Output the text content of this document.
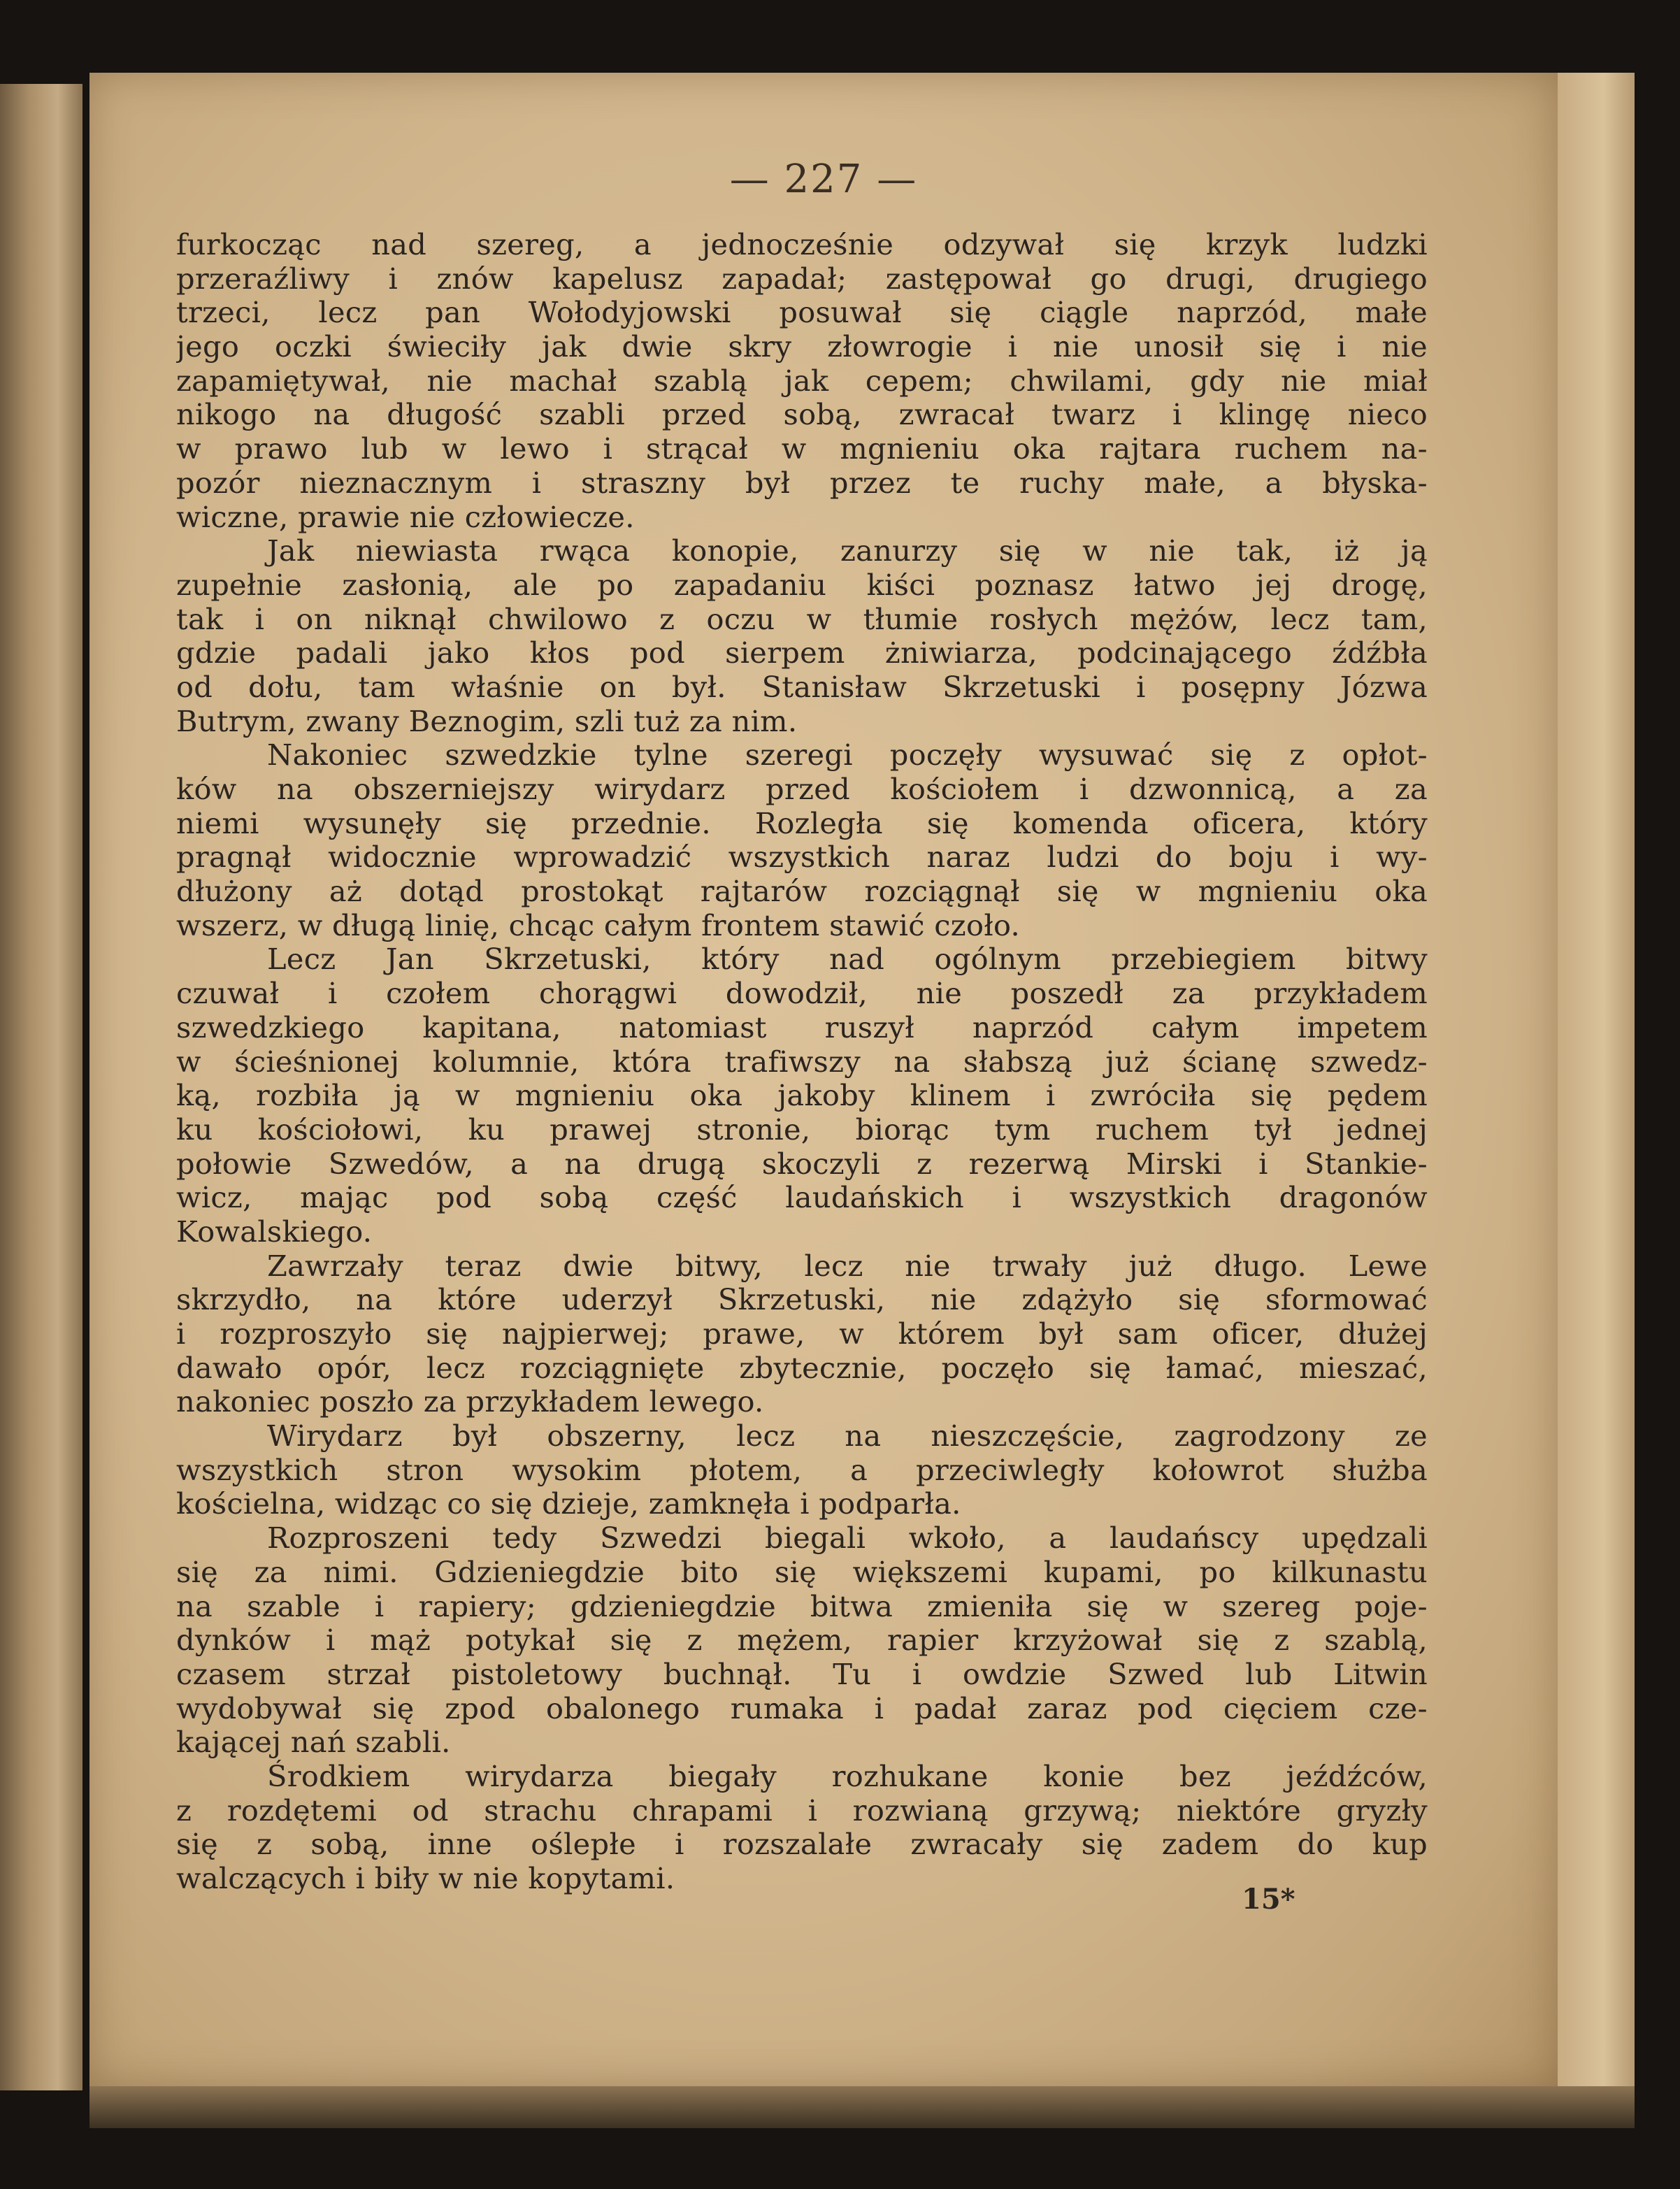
— 227 —
furkocząc nad szereg, a jednocześnie odzywał się krzyk ludzki
przeraźliwy i znów kapelusz zapadał; zastępował go drugi, drugiego
trzeci, lecz pan Wołodyjowski posuwał się ciągle naprzód, małe
jego oczki świeciły jak dwie skry złowrogie i nie unosił się i nie
zapamiętywał, nie machał szablą jak cepem; chwilami, gdy nie miał
nikogo na długość szabli przed sobą, zwracał twarz i klingę nieco
w prawo lub w lewo i strącał w mgnieniu oka rajtara ruchem na-
pozór nieznacznym i straszny był przez te ruchy małe, a błyska-
wiczne, prawie nie człowiecze.
Jak niewiasta rwąca konopie, zanurzy się w nie tak, iż ją
zupełnie zasłonią, ale po zapadaniu kiści poznasz łatwo jej drogę,
tak i on niknął chwilowo z oczu w tłumie rosłych mężów, lecz tam,
gdzie padali jako kłos pod sierpem żniwiarza, podcinającego źdźbła
od dołu, tam właśnie on był. Stanisław Skrzetuski i posępny Józwa
Butrym, zwany Beznogim, szli tuż za nim.
Nakoniec szwedzkie tylne szeregi poczęły wysuwać się z opłot-
ków na obszerniejszy wirydarz przed kościołem i dzwonnicą, a za
niemi wysunęły się przednie. Rozległa się komenda oficera, który
pragnął widocznie wprowadzić wszystkich naraz ludzi do boju i wy-
dłużony aż dotąd prostokąt rajtarów rozciągnął się w mgnieniu oka
wszerz, w długą linię, chcąc całym frontem stawić czoło.
Lecz Jan Skrzetuski, który nad ogólnym przebiegiem bitwy
czuwał i czołem chorągwi dowodził, nie poszedł za przykładem
szwedzkiego kapitana, natomiast ruszył naprzód całym impetem
w ścieśnionej kolumnie, która trafiwszy na słabszą już ścianę szwedz-
ką, rozbiła ją w mgnieniu oka jakoby klinem i zwróciła się pędem
ku kościołowi, ku prawej stronie, biorąc tym ruchem tył jednej
połowie Szwedów, a na drugą skoczyli z rezerwą Mirski i Stankie-
wicz, mając pod sobą część laudańskich i wszystkich dragonów
Kowalskiego.
Zawrzały teraz dwie bitwy, lecz nie trwały już długo. Lewe
skrzydło, na które uderzył Skrzetuski, nie zdążyło się sformować
i rozproszyło się najpierwej; prawe, w którem był sam oficer, dłużej
dawało opór, lecz rozciągnięte zbytecznie, poczęło się łamać, mieszać,
nakoniec poszło za przykładem lewego.
Wirydarz był obszerny, lecz na nieszczęście, zagrodzony ze
wszystkich stron wysokim płotem, a przeciwległy kołowrot służba
kościelna, widząc co się dzieje, zamknęła i podparła.
Rozproszeni tedy Szwedzi biegali wkoło, a laudańscy upędzali
się za nimi. Gdzieniegdzie bito się większemi kupami, po kilkunastu
na szable i rapiery; gdzieniegdzie bitwa zmieniła się w szereg poje-
dynków i mąż potykał się z mężem, rapier krzyżował się z szablą,
czasem strzał pistoletowy buchnął. Tu i owdzie Szwed lub Litwin
wydobywał się zpod obalonego rumaka i padał zaraz pod cięciem cze-
kającej nań szabli.
Środkiem wirydarza biegały rozhukane konie bez jeźdźców,
z rozdętemi od strachu chrapami i rozwianą grzywą; niektóre gryzły
się z sobą, inne oślepłe i rozszalałe zwracały się zadem do kup
walczących i biły w nie kopytami.
15*
